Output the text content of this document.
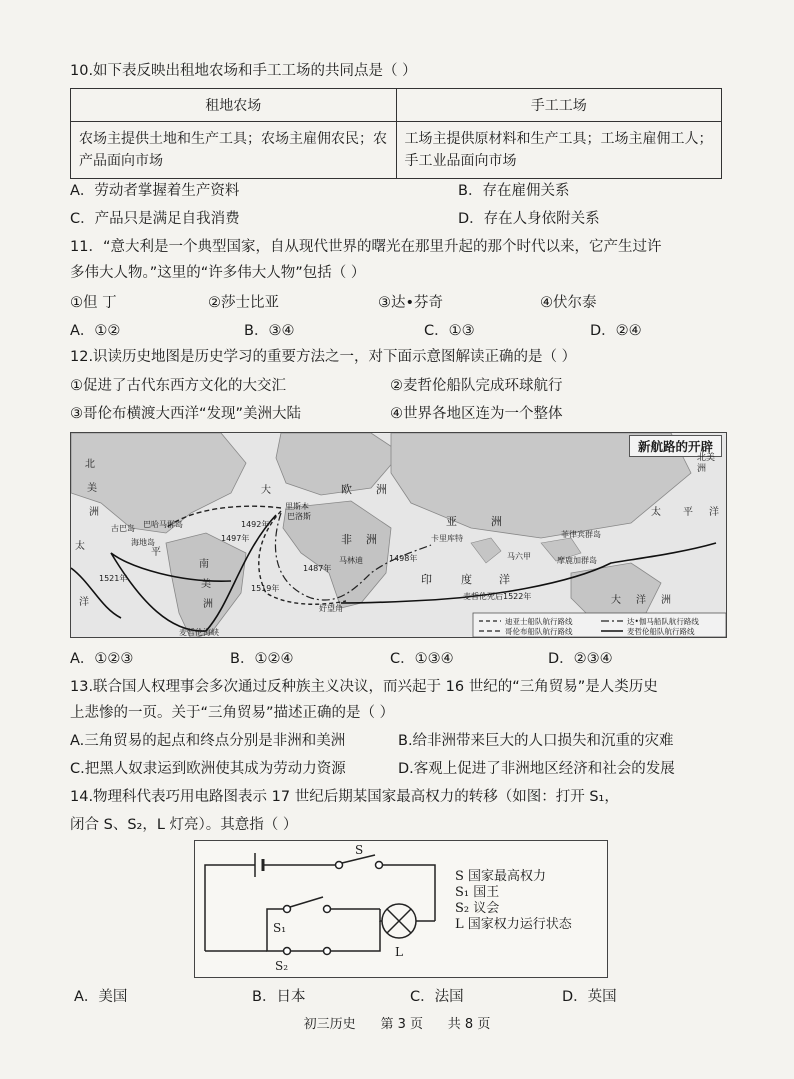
10.如下表反映出租地农场和手工工场的共同点是（ ）
租地农场	手工工场
农场主提供土地和生产工具；农场主雇佣农民；农产品面向市场	工场主提供原材料和生产工具；工场主雇佣工人；手工业品面向市场
A．劳动者掌握着生产资料	B．存在雇佣关系
C．产品只是满足自我消费	D．存在人身依附关系
11．“意大利是一个典型国家，自从现代世界的曙光在那里升起的那个时代以来，它产生过许
多伟大人物。”这里的“许多伟大人物”包括（ ）
①但 丁	②莎士比亚	③达•芬奇	④伏尔泰
A．①②	B．③④	C．①③	D．②④
12.识读历史地图是历史学习的重要方法之一，对下面示意图解读正确的是（ ）
①促进了古代东西方文化的大交汇	②麦哲伦船队完成环球航行
③哥伦布横渡大西洋“发现”美洲大陆	④世界各地区连为一个整体
新航路的开辟
北
美
洲
大	欧 洲
亚	洲
非 洲
南
美
洲
太
平
洋
印	度 洋
大 洋 洲
太 平 洋
北美洲
古巴岛 巴哈马群岛
海地岛
里斯本
巴洛斯
卡里库特
马林迪
好望角
麦哲伦海峡
菲律宾群岛
马六甲	摩鹿加群岛
麦哲伦死后1522年
1492年
1497年
1498年
1487年
1519年
1521年
迪亚士船队航行路线	达•伽马船队航行路线
哥伦布船队航行路线	麦哲伦船队航行路线
A．①②③	B．①②④	C．①③④	D．②③④
13.联合国人权理事会多次通过反种族主义决议，而兴起于 16 世纪的“三角贸易”是人类历史
上悲惨的一页。关于“三角贸易”描述正确的是（ ）
A.三角贸易的起点和终点分别是非洲和美洲	B.给非洲带来巨大的人口损失和沉重的灾难
C.把黑人奴隶运到欧洲使其成为劳动力资源	D.客观上促进了非洲地区经济和社会的发展
14.物理科代表巧用电路图表示 17 世纪后期某国家最高权力的转移（如图：打开 S₁，
闭合 S、S₂，L 灯亮）。其意指（ ）
S
S₁
S₂
L
S 国家最高权力
S₁ 国王
S₂ 议会
L 国家权力运行状态
A．美国	B．日本	C．法国	D．英国
初三历史      第 3 页      共 8 页
